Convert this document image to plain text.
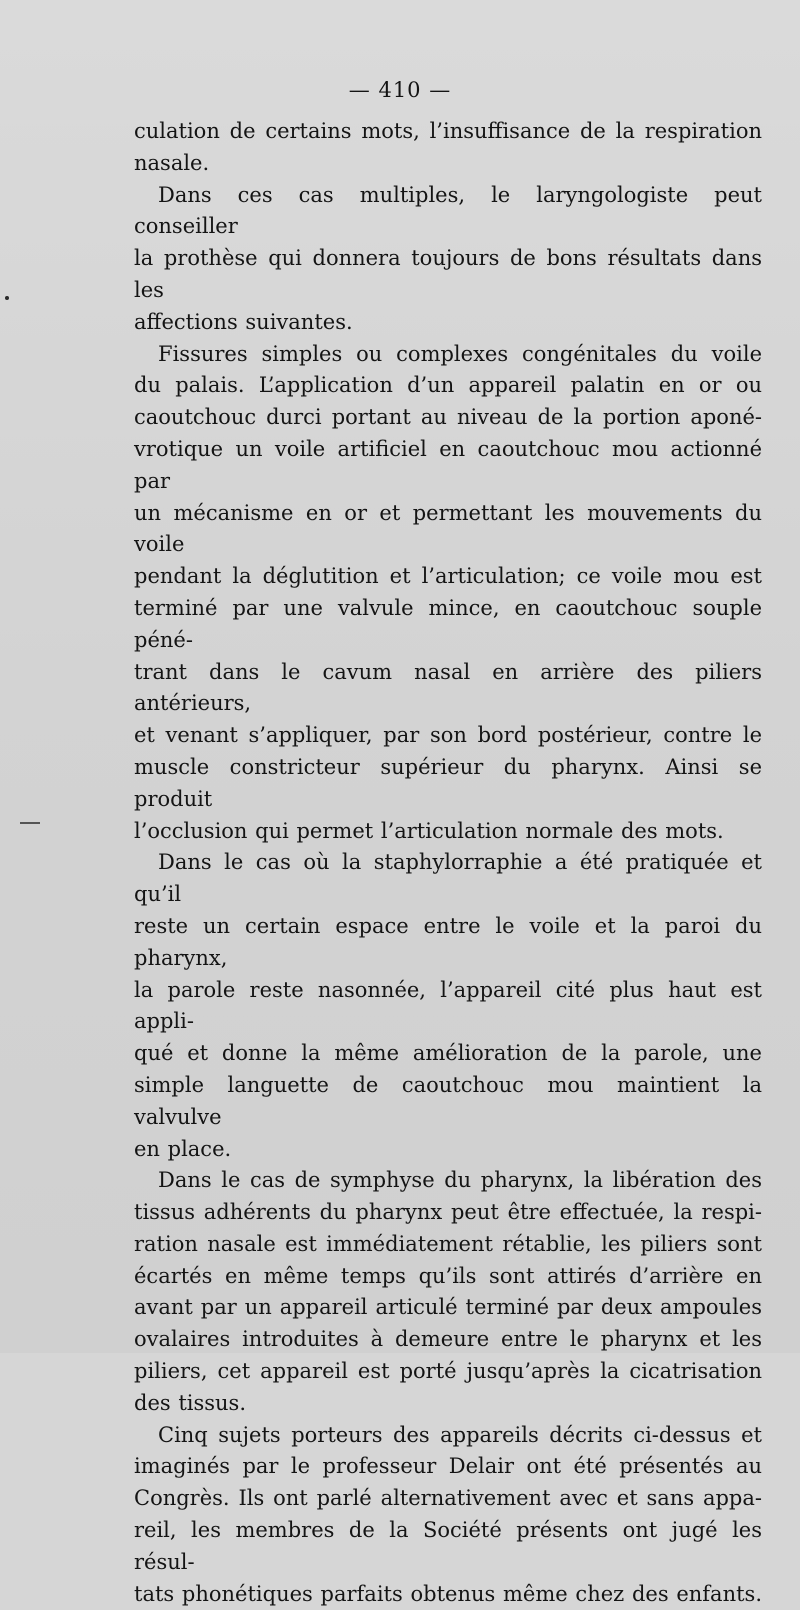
— 410 —
culation de certains mots, l’insuffisance de la respiration
nasale.
Dans ces cas multiples, le laryngologiste peut conseiller
la prothèse qui donnera toujours de bons résultats dans les
affections suivantes.
Fissures simples ou complexes congénitales du voile
du palais. L’application d’un appareil palatin en or ou
caoutchouc durci portant au niveau de la portion aponé-
vrotique un voile artificiel en caoutchouc mou actionné par
un mécanisme en or et permettant les mouvements du voile
pendant la déglutition et l’articulation; ce voile mou est
terminé par une valvule mince, en caoutchouc souple péné-
trant dans le cavum nasal en arrière des piliers antérieurs,
et venant s’appliquer, par son bord postérieur, contre le
muscle constricteur supérieur du pharynx. Ainsi se produit
l’occlusion qui permet l’articulation normale des mots.
Dans le cas où la staphylorraphie a été pratiquée et qu’il
reste un certain espace entre le voile et la paroi du pharynx,
la parole reste nasonnée, l’appareil cité plus haut est appli-
qué et donne la même amélioration de la parole, une
simple languette de caoutchouc mou maintient la valvulve
en place.
Dans le cas de symphyse du pharynx, la libération des
tissus adhérents du pharynx peut être effectuée, la respi-
ration nasale est immédiatement rétablie, les piliers sont
écartés en même temps qu’ils sont attirés d’arrière en
avant par un appareil articulé terminé par deux ampoules
ovalaires introduites à demeure entre le pharynx et les
piliers, cet appareil est porté jusqu’après la cicatrisation
des tissus.
Cinq sujets porteurs des appareils décrits ci-dessus et
imaginés par le professeur Delair ont été présentés au
Congrès. Ils ont parlé alternativement avec et sans appa-
reil, les membres de la Société présents ont jugé les résul-
tats phonétiques parfaits obtenus même chez des enfants.
